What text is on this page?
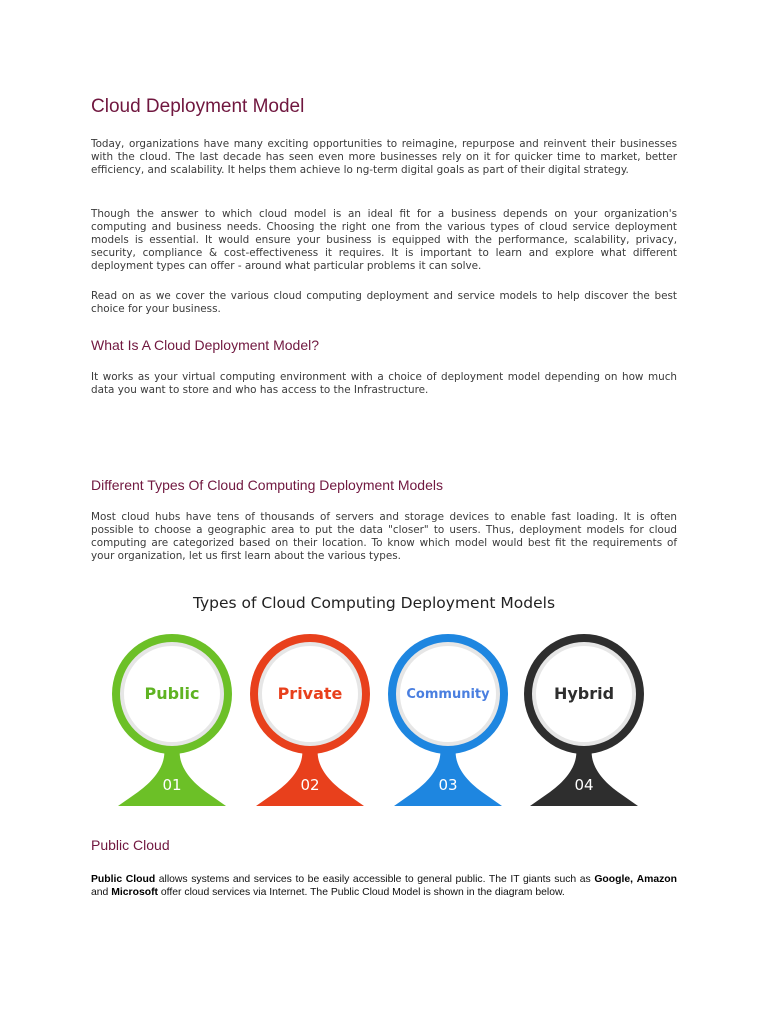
Cloud Deployment Model

Today, organizations have many exciting opportunities to reimagine, repurpose and reinvent their businesses with the cloud. The last decade has seen even more businesses rely on it for quicker time to market, better efficiency, and scalability. It helps them achieve lo ng-term digital goals as part of their digital strategy.

Though the answer to which cloud model is an ideal fit for a business depends on your organization's computing and business needs. Choosing the right one from the various types of cloud service deployment models is essential. It would ensure your business is equipped with the performance, scalability, privacy, security, compliance & cost-effectiveness it requires. It is important to learn and explore what different deployment types can offer - around what particular problems it can solve.

Read on as we cover the various cloud computing deployment and service models to help discover the best choice for your business.

What Is A Cloud Deployment Model?

It works as your virtual computing environment with a choice of deployment model depending on how much data you want to store and who has access to the Infrastructure.

Different Types Of Cloud Computing Deployment Models

Most cloud hubs have tens of thousands of servers and storage devices to enable fast loading. It is often possible to choose a geographic area to put the data "closer" to users. Thus, deployment models for cloud computing are categorized based on their location. To know which model would best fit the requirements of your organization, let us first learn about the various types.

Types of Cloud Computing Deployment Models
Public
01
Private
02
Community
03
Hybrid
04
Public Cloud

Public Cloud allows systems and services to be easily accessible to general public. The IT giants such as Google, Amazon and Microsoft offer cloud services via Internet. The Public Cloud Model is shown in the diagram below.
